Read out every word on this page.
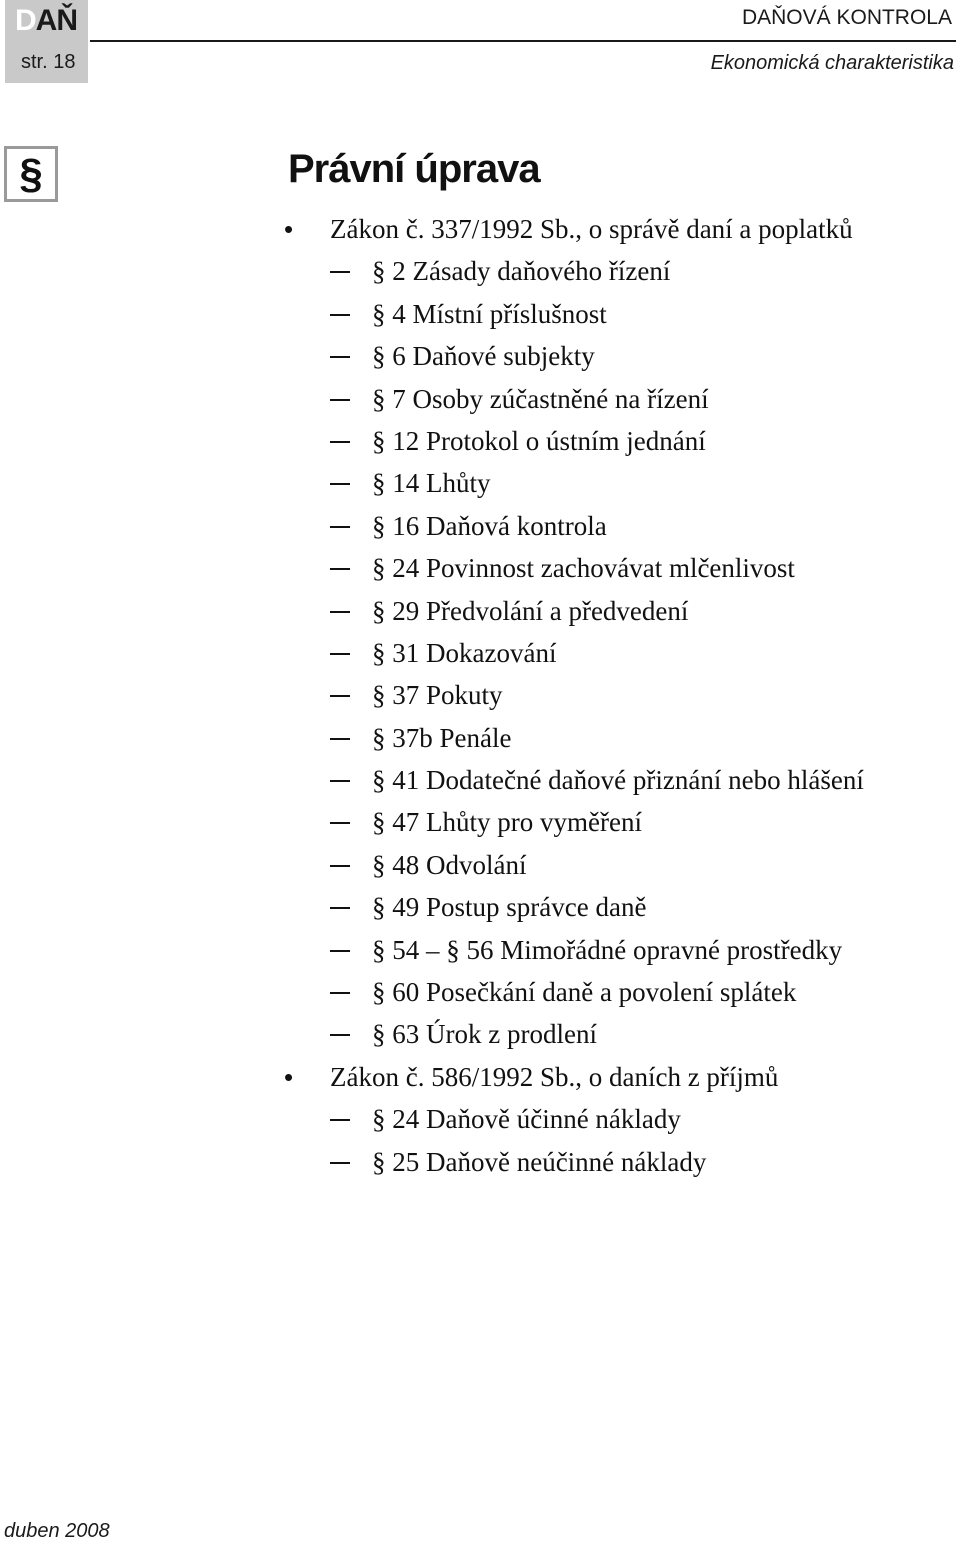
DAŇ
str. 18
DAŇOVÁ KONTROLA
Ekonomická charakteristika
§	Právní úprava
•	Zákon č. 337/1992 Sb., o správě daní a poplatků
§ 2 Zásady daňového řízení
§ 4 Místní příslušnost
§ 6 Daňové subjekty
§ 7 Osoby zúčastněné na řízení
§ 12 Protokol o ústním jednání
§ 14 Lhůty
§ 16 Daňová kontrola
§ 24 Povinnost zachovávat mlčenlivost
§ 29 Předvolání a předvedení
§ 31 Dokazování
§ 37 Pokuty
§ 37b Penále
§ 41 Dodatečné daňové přiznání nebo hlášení
§ 47 Lhůty pro vyměření
§ 48 Odvolání
§ 49 Postup správce daně
§ 54 – § 56 Mimořádné opravné prostředky
§ 60 Posečkání daně a povolení splátek
§ 63 Úrok z prodlení
•	Zákon č. 586/1992 Sb., o daních z příjmů
§ 24 Daňově účinné náklady
§ 25 Daňově neúčinné náklady
duben 2008
